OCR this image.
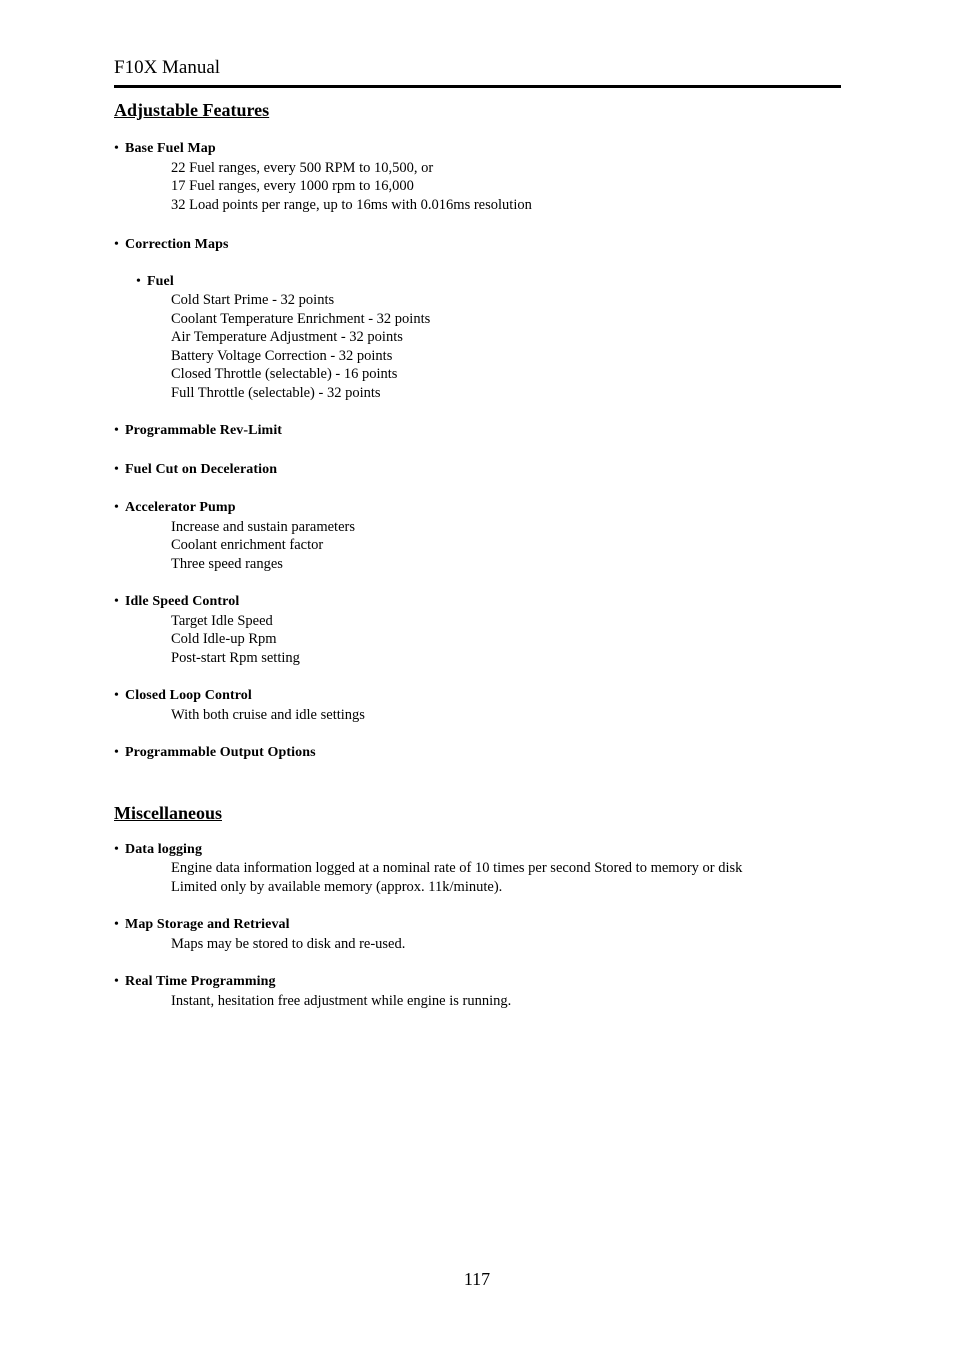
F10X Manual
Adjustable Features
• Base Fuel Map
22 Fuel ranges, every 500 RPM to 10,500, or
17 Fuel ranges, every 1000 rpm to 16,000
32 Load points per range, up to 16ms with 0.016ms resolution
• Correction Maps
• Fuel
Cold Start Prime - 32 points
Coolant Temperature Enrichment - 32 points
Air Temperature Adjustment - 32 points
Battery Voltage Correction - 32 points
Closed Throttle (selectable) - 16 points
Full Throttle (selectable) - 32 points
• Programmable Rev-Limit
• Fuel Cut on Deceleration
• Accelerator Pump
Increase and sustain parameters
Coolant enrichment factor
Three speed ranges
• Idle Speed Control
Target Idle Speed
Cold Idle-up Rpm
Post-start Rpm setting
• Closed Loop Control
With both cruise and idle settings
• Programmable Output Options
Miscellaneous
• Data logging
Engine data information logged at a nominal rate of 10 times per second Stored to memory or disk
Limited only by available memory (approx. 11k/minute).
• Map Storage and Retrieval
Maps may be stored to disk and re-used.
• Real Time Programming
Instant, hesitation free adjustment while engine is running.
117
